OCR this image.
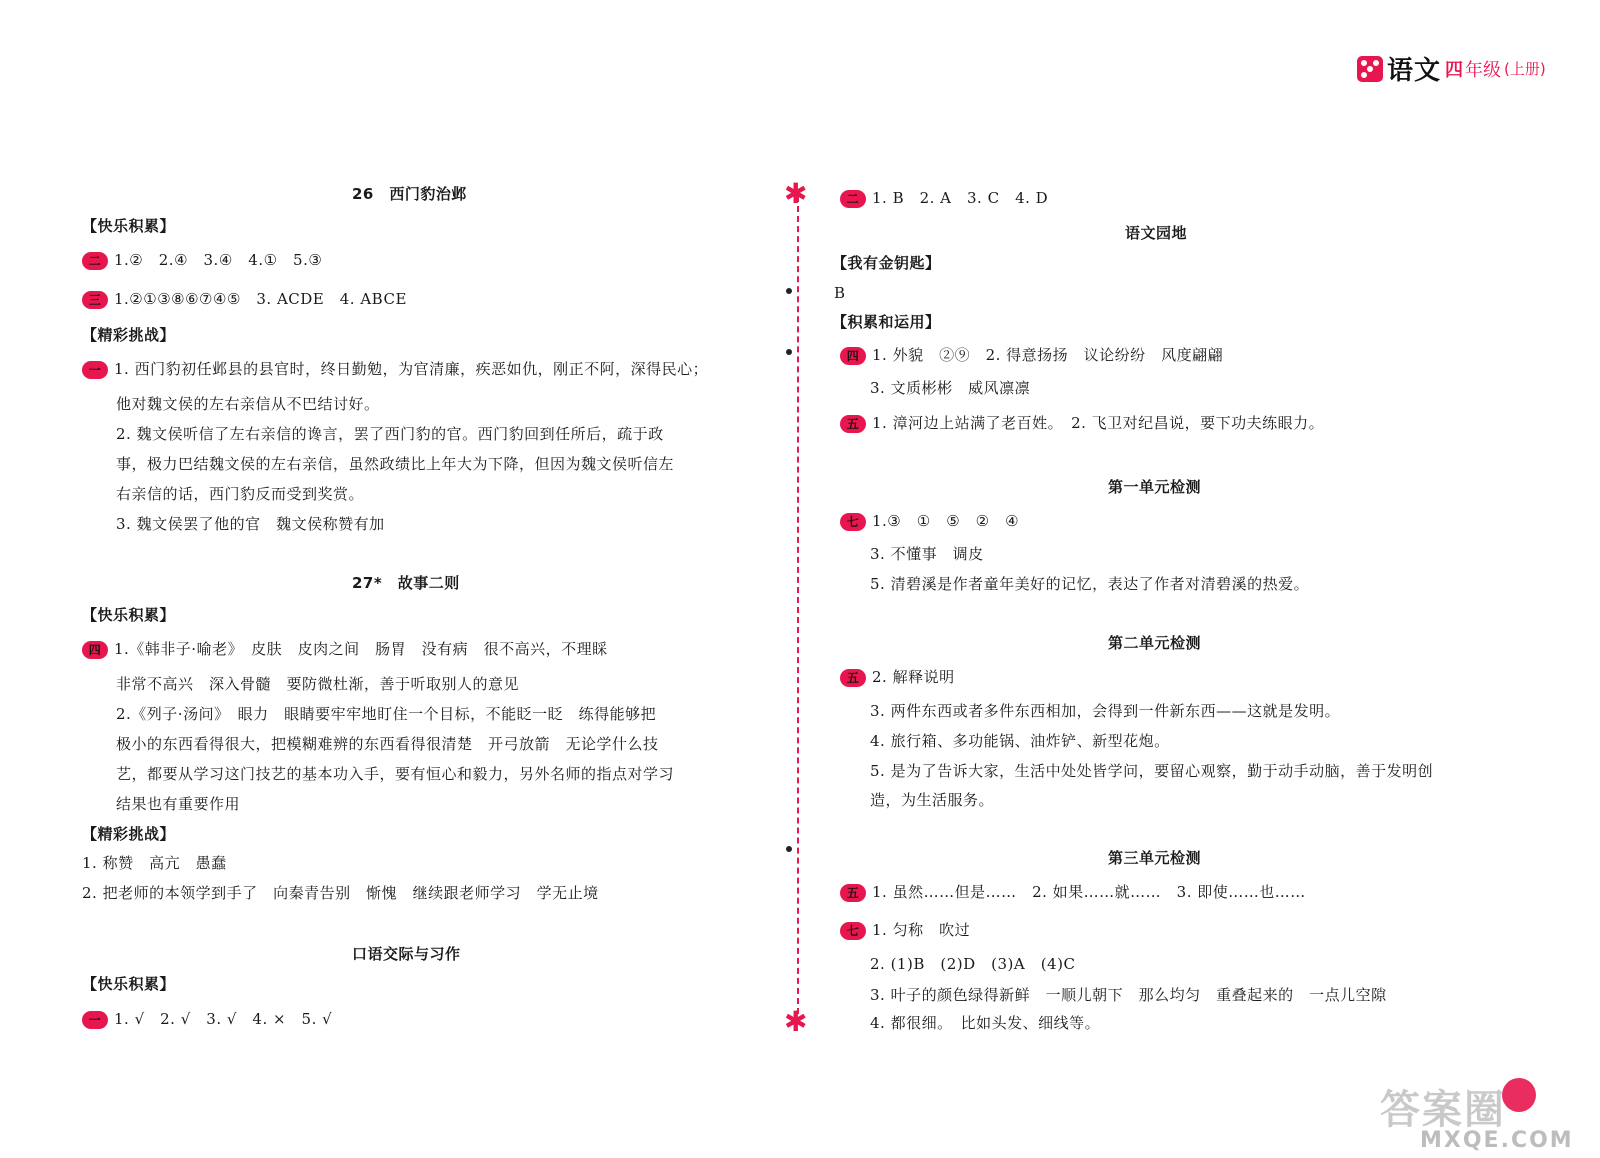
语文 四 年级 (上册)
26　西门豹治邺
【快乐积累】
二 1.②　2.④　3.④　4.①　5.③
三 1.②①③⑧⑥⑦④⑤　3. ACDE　4. ABCE
【精彩挑战】
一 1. 西门豹初任邺县的县官时，终日勤勉，为官清廉，疾恶如仇，刚正不阿，深得民心；
他对魏文侯的左右亲信从不巴结讨好。
2. 魏文侯听信了左右亲信的谗言，罢了西门豹的官。西门豹回到任所后，疏于政
事，极力巴结魏文侯的左右亲信，虽然政绩比上年大为下降，但因为魏文侯听信左
右亲信的话，西门豹反而受到奖赏。
3. 魏文侯罢了他的官　魏文侯称赞有加
27*　故事二则
【快乐积累】
四 1.《韩非子·喻老》　皮肤　皮肉之间　肠胃　没有病　很不高兴，不理睬
非常不高兴　深入骨髓　要防微杜渐，善于听取别人的意见
2.《列子·汤问》　眼力　眼睛要牢牢地盯住一个目标，不能眨一眨　练得能够把
极小的东西看得很大，把模糊难辨的东西看得很清楚　开弓放箭　无论学什么技
艺，都要从学习这门技艺的基本功入手，要有恒心和毅力，另外名师的指点对学习
结果也有重要作用
【精彩挑战】
1. 称赞　高亢　愚蠢
2. 把老师的本领学到手了　向秦青告别　惭愧　继续跟老师学习　学无止境
口语交际与习作
【快乐积累】
一 1. √　2. √　3. √　4. ×　5. √
✱
✱
二 1. B　2. A　3. C　4. D
语文园地
【我有金钥匙】
B
【积累和运用】
四 1. 外貌　②⑨　2. 得意扬扬　议论纷纷　风度翩翩
3. 文质彬彬　威风凛凛
五 1. 漳河边上站满了老百姓。　2. 飞卫对纪昌说，要下功夫练眼力。
第一单元检测
七 1.③　①　⑤　②　④
3. 不懂事　调皮
5. 清碧溪是作者童年美好的记忆，表达了作者对清碧溪的热爱。
第二单元检测
五 2. 解释说明
3. 两件东西或者多件东西相加，会得到一件新东西——这就是发明。
4. 旅行箱、多功能锅、油炸铲、新型花炮。
5. 是为了告诉大家，生活中处处皆学问，要留心观察，勤于动手动脑，善于发明创
造，为生活服务。
第三单元检测
五 1. 虽然……但是……　2. 如果……就……　3. 即使……也……
七 1. 匀称　吹过
2. (1)B　(2)D　(3)A　(4)C
3. 叶子的颜色绿得新鲜　一顺儿朝下　那么均匀　重叠起来的　一点儿空隙
4. 都很细。　比如头发、细线等。
答案圈
MXQE.COM
